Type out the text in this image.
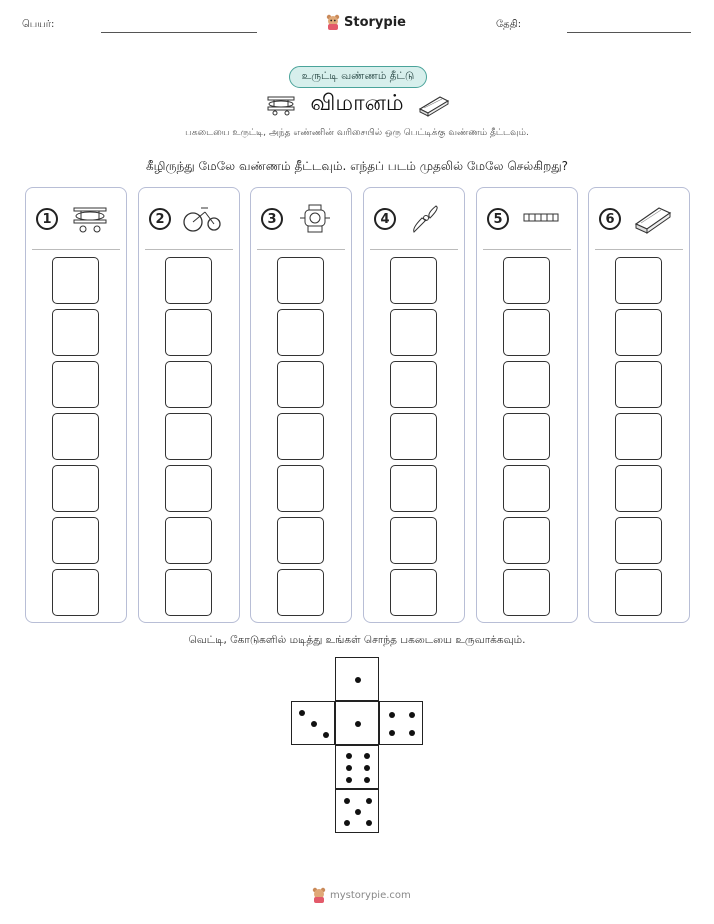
பெயர்:	Storypie	தேதி:
உருட்டி வண்ணம் தீட்டு
விமானம்
பகடையை உருட்டி, அந்த எண்ணின் வரிசையில் ஒரு பெட்டிக்கு வண்ணம் தீட்டவும்.
கீழிருந்து மேலே வண்ணம் தீட்டவும். எந்தப் படம் முதலில் மேலே செல்கிறது?
1	2	3	4	5	6
வெட்டி, கோடுகளில் மடித்து உங்கள் சொந்த பகடையை உருவாக்கவும்.
mystorypie.com
